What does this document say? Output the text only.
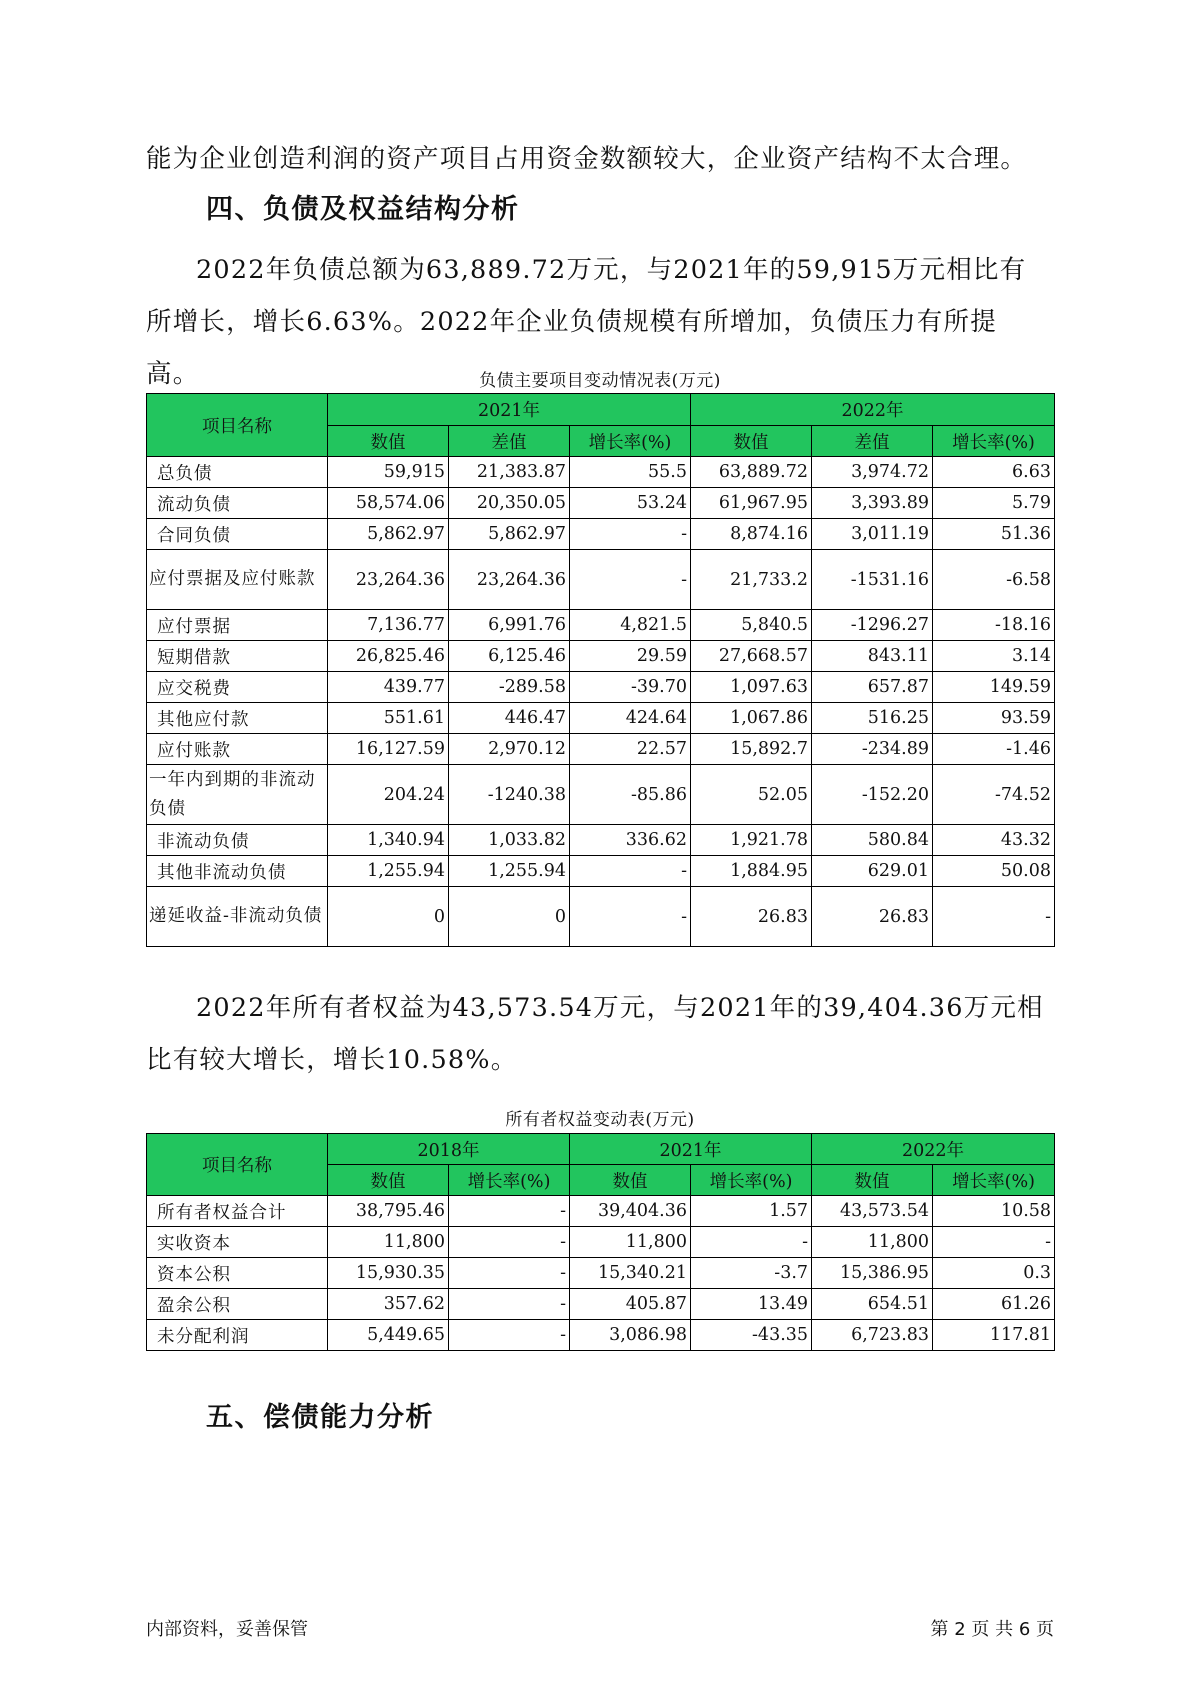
能为企业创造利润的资产项目占用资金数额较大，企业资产结构不太合理。

四、负债及权益结构分析

2022年负债总额为63,889.72万元，与2021年的59,915万元相比有所增长，增长6.63%。2022年企业负债规模有所增加，负债压力有所提高。	负债主要项目变动情况表(万元)
项目名称	2021年			2022年		
	数值	差值	增长率(%)	数值	差值	增长率(%)
总负债	59,915	21,383.87	55.5	63,889.72	3,974.72	6.63
流动负债	58,574.06	20,350.05	53.24	61,967.95	3,393.89	5.79
合同负债	5,862.97	5,862.97	-	8,874.16	3,011.19	51.36
应付票据及应付账款	23,264.36	23,264.36	-	21,733.2	-1531.16	-6.58
应付票据	7,136.77	6,991.76	4,821.5	5,840.5	-1296.27	-18.16
短期借款	26,825.46	6,125.46	29.59	27,668.57	843.11	3.14
应交税费	439.77	-289.58	-39.70	1,097.63	657.87	149.59
其他应付款	551.61	446.47	424.64	1,067.86	516.25	93.59
应付账款	16,127.59	2,970.12	22.57	15,892.7	-234.89	-1.46
一年内到期的非流动负债	204.24	-1240.38	-85.86	52.05	-152.20	-74.52
非流动负债	1,340.94	1,033.82	336.62	1,921.78	580.84	43.32
其他非流动负债	1,255.94	1,255.94	-	1,884.95	629.01	50.08
递延收益-非流动负债	0	0	-	26.83	26.83	-

2022年所有者权益为43,573.54万元，与2021年的39,404.36万元相比有较大增长，增长10.58%。

所有者权益变动表(万元)
项目名称	2018年		2021年		2022年	
	数值	增长率(%)	数值	增长率(%)	数值	增长率(%)
所有者权益合计	38,795.46	-	39,404.36	1.57	43,573.54	10.58
实收资本	11,800	-	11,800	-	11,800	-
资本公积	15,930.35	-	15,340.21	-3.7	15,386.95	0.3
盈余公积	357.62	-	405.87	13.49	654.51	61.26
未分配利润	5,449.65	-	3,086.98	-43.35	6,723.83	117.81
五、偿债能力分析
内部资料，妥善保管	第 2 页 共 6 页
